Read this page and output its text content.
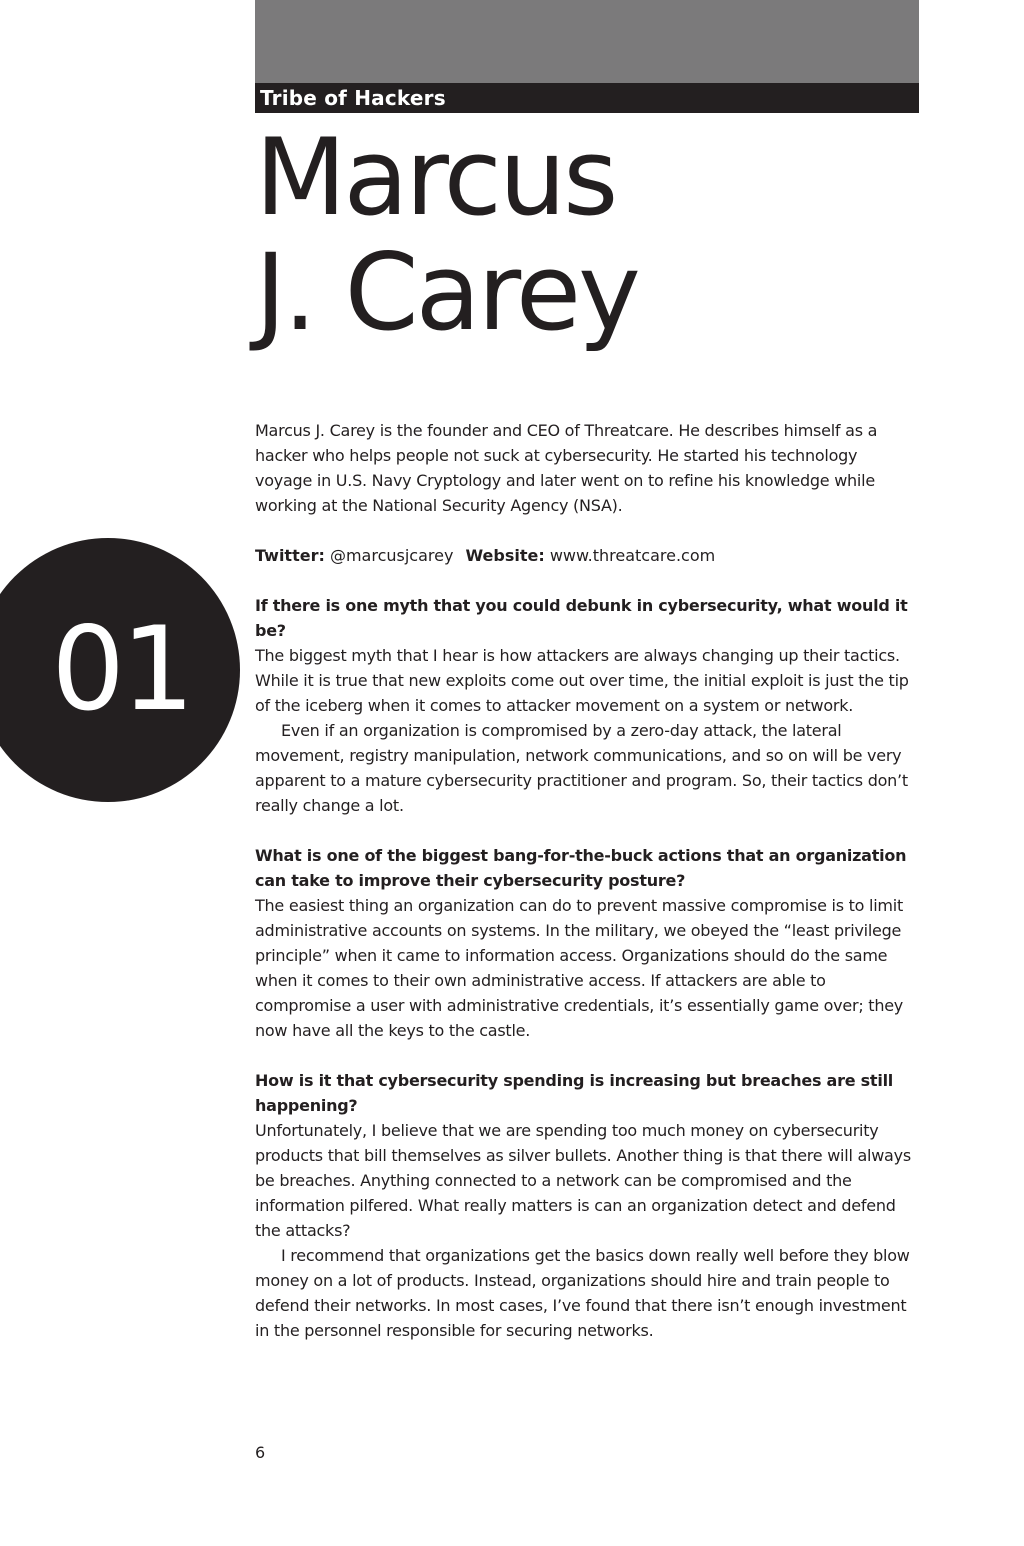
Tribe of Hackers
Marcus
J. Carey
01

Marcus J. Carey is the founder and CEO of Threatcare. He describes himself as a hacker who helps people not suck at cybersecurity. He started his technology voyage in U.S. Navy Cryptology and later went on to refine his knowledge while working at the National Security Agency (NSA).

Twitter: @marcusjcarey Website: www.threatcare.com

If there is one myth that you could debunk in cybersecurity, what would it be?

The biggest myth that I hear is how attackers are always changing up their tactics. While it is true that new exploits come out over time, the initial exploit is just the tip of the iceberg when it comes to attacker movement on a system or network.

Even if an organization is compromised by a zero-day attack, the lateral movement, registry manipulation, network communications, and so on will be very apparent to a mature cybersecurity practitioner and program. So, their tactics don’t really change a lot.

What is one of the biggest bang-for-the-buck actions that an organization can take to improve their cybersecurity posture?

The easiest thing an organization can do to prevent massive compromise is to limit administrative accounts on systems. In the military, we obeyed the “least privilege principle” when it came to information access. Organizations should do the same when it comes to their own administrative access. If attackers are able to compromise a user with administrative credentials, it’s essentially game over; they now have all the keys to the castle.

How is it that cybersecurity spending is increasing but breaches are still happening?

Unfortunately, I believe that we are spending too much money on cybersecurity products that bill themselves as silver bullets. Another thing is that there will always be breaches. Anything connected to a network can be compromised and the information pilfered. What really matters is can an organization detect and defend the attacks?

I recommend that organizations get the basics down really well before they blow money on a lot of products. Instead, organizations should hire and train people to defend their networks. In most cases, I’ve found that there isn’t enough investment in the personnel responsible for securing networks.

6
